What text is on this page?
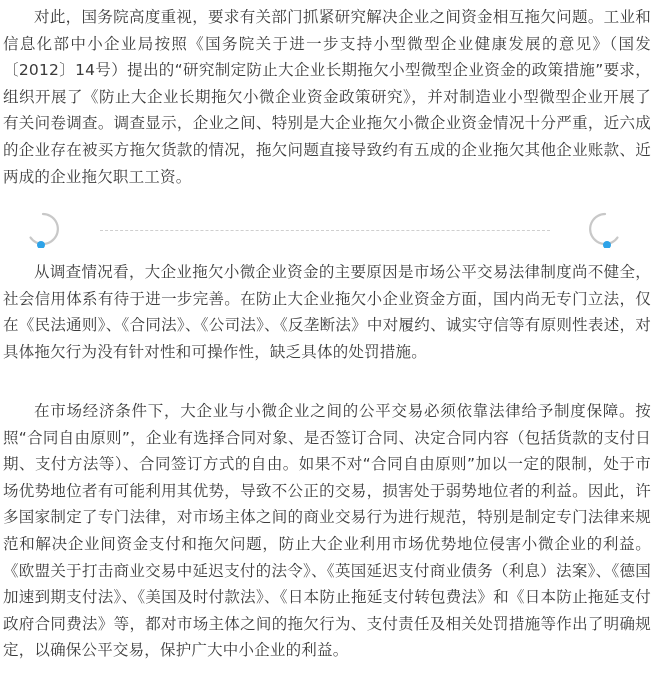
对此，国务院高度重视，要求有关部门抓紧研究解决企业之间资金相互拖欠问题。工业和信息化部中小企业局按照《国务院关于进一步支持小型微型企业健康发展的意见》（国发〔2012〕14号）提出的“研究制定防止大企业长期拖欠小型微型企业资金的政策措施”要求，组织开展了《防止大企业长期拖欠小微企业资金政策研究》，并对制造业小型微型企业开展了有关问卷调查。调查显示，企业之间、特别是大企业拖欠小微企业资金情况十分严重，近六成的企业存在被买方拖欠货款的情况，拖欠问题直接导致约有五成的企业拖欠其他企业账款、近两成的企业拖欠职工工资。

从调查情况看，大企业拖欠小微企业资金的主要原因是市场公平交易法律制度尚不健全，社会信用体系有待于进一步完善。在防止大企业拖欠小企业资金方面，国内尚无专门立法，仅在《民法通则》、《合同法》、《公司法》、《反垄断法》中对履约、诚实守信等有原则性表述，对具体拖欠行为没有针对性和可操作性，缺乏具体的处罚措施。

在市场经济条件下，大企业与小微企业之间的公平交易必须依靠法律给予制度保障。按照“合同自由原则”，企业有选择合同对象、是否签订合同、决定合同内容（包括货款的支付日期、支付方法等）、合同签订方式的自由。如果不对“合同自由原则”加以一定的限制，处于市场优势地位者有可能利用其优势，导致不公正的交易，损害处于弱势地位者的利益。因此，许多国家制定了专门法律，对市场主体之间的商业交易行为进行规范，特别是制定专门法律来规范和解决企业间资金支付和拖欠问题，防止大企业利用市场优势地位侵害小微企业的利益。《欧盟关于打击商业交易中延迟支付的法令》、《英国延迟支付商业债务（利息）法案》、《德国加速到期支付法》、《美国及时付款法》、《日本防止拖延支付转包费法》和《日本防止拖延支付政府合同费法》等，都对市场主体之间的拖欠行为、支付责任及相关处罚措施等作出了明确规定，以确保公平交易，保护广大中小企业的利益。
